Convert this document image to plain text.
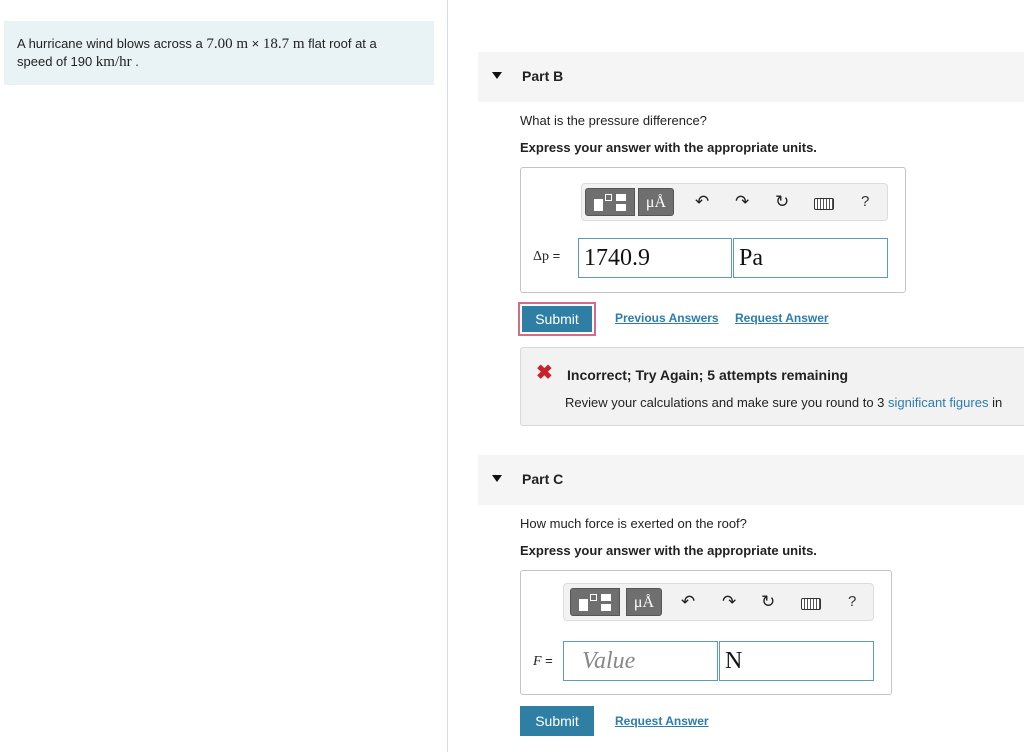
A hurricane wind blows across a 7.00 m × 18.7 m flat roof at a
speed of 190 km/hr .
Part B
What is the pressure difference?
Express your answer with the appropriate units.
μÅ	↶ ↷ ↻	?
Δp = 1740.9	Pa
Submit	Previous Answers Request Answer
✖ Incorrect; Try Again; 5 attempts remaining
Review your calculations and make sure you round to 3 significant figures in
Part C
How much force is exerted on the roof?
Express your answer with the appropriate units.
μÅ	↶ ↷ ↻	?
F =	Value	N
Submit	Request Answer
